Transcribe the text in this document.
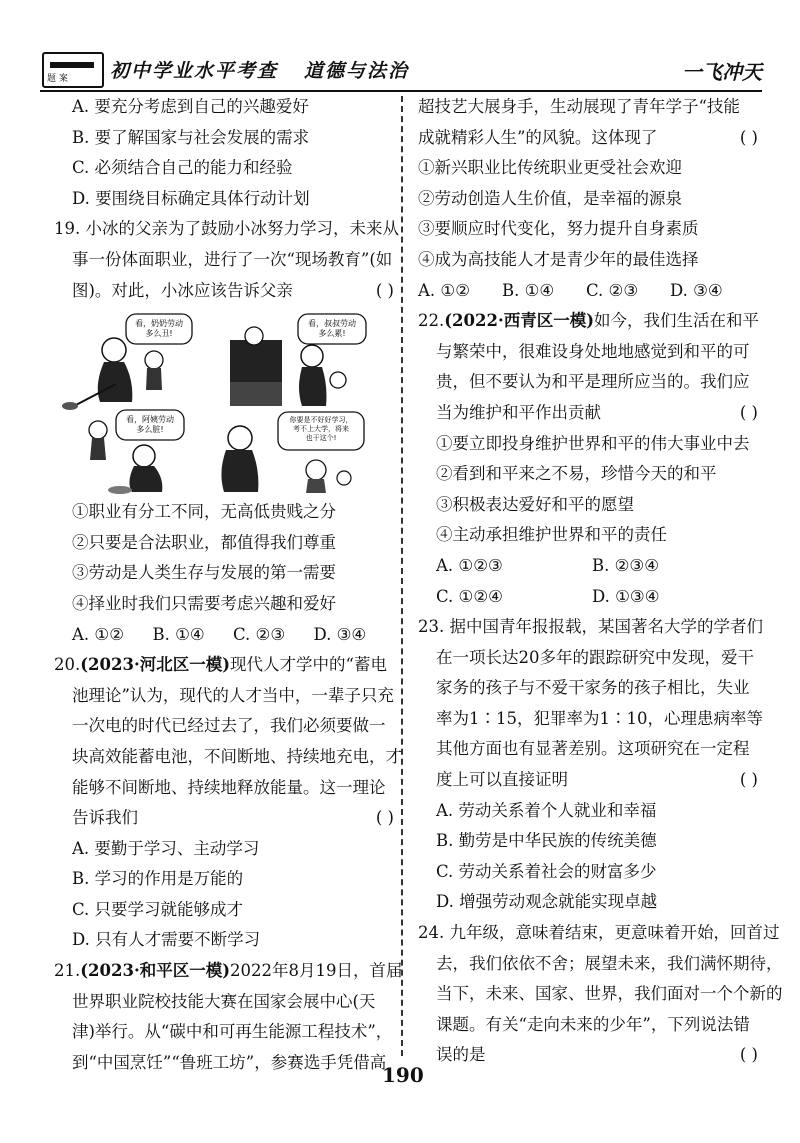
题 案 初中学业水平考查 道德与法治	一飞冲天
A. 要充分考虑到自己的兴趣爱好
B. 要了解国家与社会发展的需求
C. 必须结合自己的能力和经验
D. 要围绕目标确定具体行动计划
19. 小冰的父亲为了鼓励小冰努力学习，未来从
事一份体面职业，进行了一次“现场教育”(如
图)。对此，小冰应该告诉父亲	( )
看，奶奶劳动多么丑!
看，叔叔劳动多么累!
看，阿姨劳动多么脏!
你要是不好好学习，考不上大学，将来也干这个!
①职业有分工不同，无高低贵贱之分
②只要是合法职业，都值得我们尊重
③劳动是人类生存与发展的第一需要
④择业时我们只需要考虑兴趣和爱好
A. ①②	B. ①④	C. ②③	D. ③④
20.(2023·河北区一模)现代人才学中的“蓄电
池理论”认为，现代的人才当中，一辈子只充
一次电的时代已经过去了，我们必须要做一
块高效能蓄电池，不间断地、持续地充电，才
能够不间断地、持续地释放能量。这一理论
告诉我们	( )
A. 要勤于学习、主动学习
B. 学习的作用是万能的
C. 只要学习就能够成才
D. 只有人才需要不断学习
21.(2023·和平区一模)2022年8月19日，首届
世界职业院校技能大赛在国家会展中心(天
津)举行。从“碳中和可再生能源工程技术”，
到“中国烹饪”“鲁班工坊”，参赛选手凭借高
超技艺大展身手，生动展现了青年学子“技能
成就精彩人生”的风貌。这体现了	( )
①新兴职业比传统职业更受社会欢迎
②劳动创造人生价值，是幸福的源泉
③要顺应时代变化，努力提升自身素质
④成为高技能人才是青少年的最佳选择
A. ①②	B. ①④	C. ②③	D. ③④
22.(2022·西青区一模)如今，我们生活在和平
与繁荣中，很难设身处地地感觉到和平的可
贵，但不要认为和平是理所应当的。我们应
当为维护和平作出贡献	( )
①要立即投身维护世界和平的伟大事业中去
②看到和平来之不易，珍惜今天的和平
③积极表达爱好和平的愿望
④主动承担维护世界和平的责任
A. ①②③	B. ②③④
C. ①②④	D. ①③④
23. 据中国青年报报载，某国著名大学的学者们
在一项长达20多年的跟踪研究中发现，爱干
家务的孩子与不爱干家务的孩子相比，失业
率为1∶15，犯罪率为1∶10，心理患病率等
其他方面也有显著差别。这项研究在一定程
度上可以直接证明	( )
A. 劳动关系着个人就业和幸福
B. 勤劳是中华民族的传统美德
C. 劳动关系着社会的财富多少
D. 增强劳动观念就能实现卓越
24. 九年级，意味着结束，更意味着开始，回首过
去，我们依依不舍；展望未来，我们满怀期待，
当下，未来、国家、世界，我们面对一个个新的
课题。有关“走向未来的少年”，下列说法错
误的是	( )
190
